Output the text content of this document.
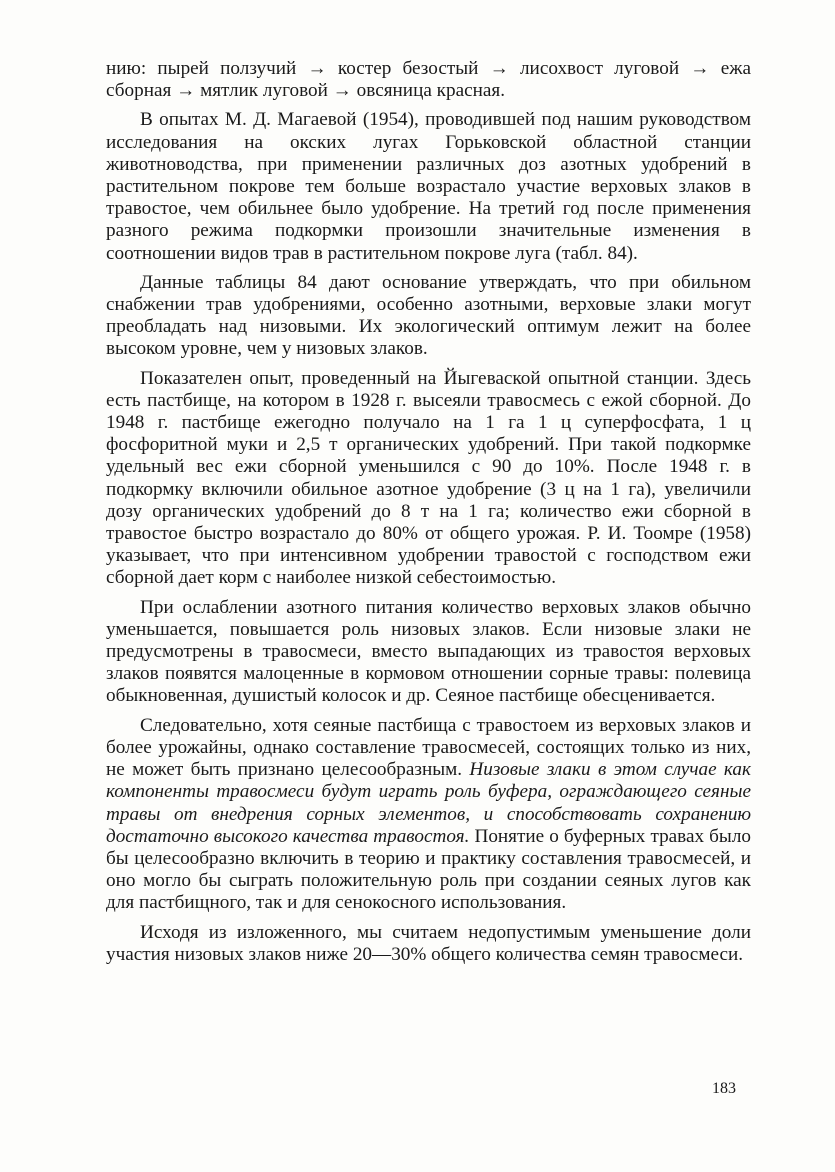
нию: пырей ползучий → костер безостый → лисохвост луговой → ежа сборная → мятлик луговой → овсяница красная.

В опытах М. Д. Магаевой (1954), проводившей под нашим руководством исследования на окских лугах Горьковской областной станции животноводства, при применении различных доз азотных удобрений в растительном покрове тем больше возрастало участие верховых злаков в травостое, чем обильнее было удобрение. На третий год после применения разного режима подкормки произошли значительные изменения в соотношении видов трав в растительном покрове луга (табл. 84).

Данные таблицы 84 дают основание утверждать, что при обильном снабжении трав удобрениями, особенно азотными, верховые злаки могут преобладать над низовыми. Их экологический оптимум лежит на более высоком уровне, чем у низовых злаков.

Показателен опыт, проведенный на Йыгеваской опытной станции. Здесь есть пастбище, на котором в 1928 г. высеяли травосмесь с ежой сборной. До 1948 г. пастбище ежегодно получало на 1 га 1 ц суперфосфата, 1 ц фосфоритной муки и 2,5 т органических удобрений. При такой подкормке удельный вес ежи сборной уменьшился с 90 до 10%. После 1948 г. в подкормку включили обильное азотное удобрение (3 ц на 1 га), увеличили дозу органических удобрений до 8 т на 1 га; количество ежи сборной в травостое быстро возрастало до 80% от общего урожая. Р. И. Тоомре (1958) указывает, что при интенсивном удобрении травостой с господством ежи сборной дает корм с наиболее низкой себестоимостью.

При ослаблении азотного питания количество верховых злаков обычно уменьшается, повышается роль низовых злаков. Если низовые злаки не предусмотрены в травосмеси, вместо выпадающих из травостоя верховых злаков появятся малоценные в кормовом отношении сорные травы: полевица обыкновенная, душистый колосок и др. Сеяное пастбище обесценивается.

Следовательно, хотя сеяные пастбища с травостоем из верховых злаков и более урожайны, однако составление травосмесей, состоящих только из них, не может быть признано целесообразным. Низовые злаки в этом случае как компоненты травосмеси будут играть роль буфера, ограждающего сеяные травы от внедрения сорных элементов, и способствовать сохранению достаточно высокого качества травостоя. Понятие о буферных травах было бы целесообразно включить в теорию и практику составления травосмесей, и оно могло бы сыграть положительную роль при создании сеяных лугов как для пастбищного, так и для сенокосного использования.

Исходя из изложенного, мы считаем недопустимым уменьшение доли участия низовых злаков ниже 20—30% общего количества семян травосмеси.

183
